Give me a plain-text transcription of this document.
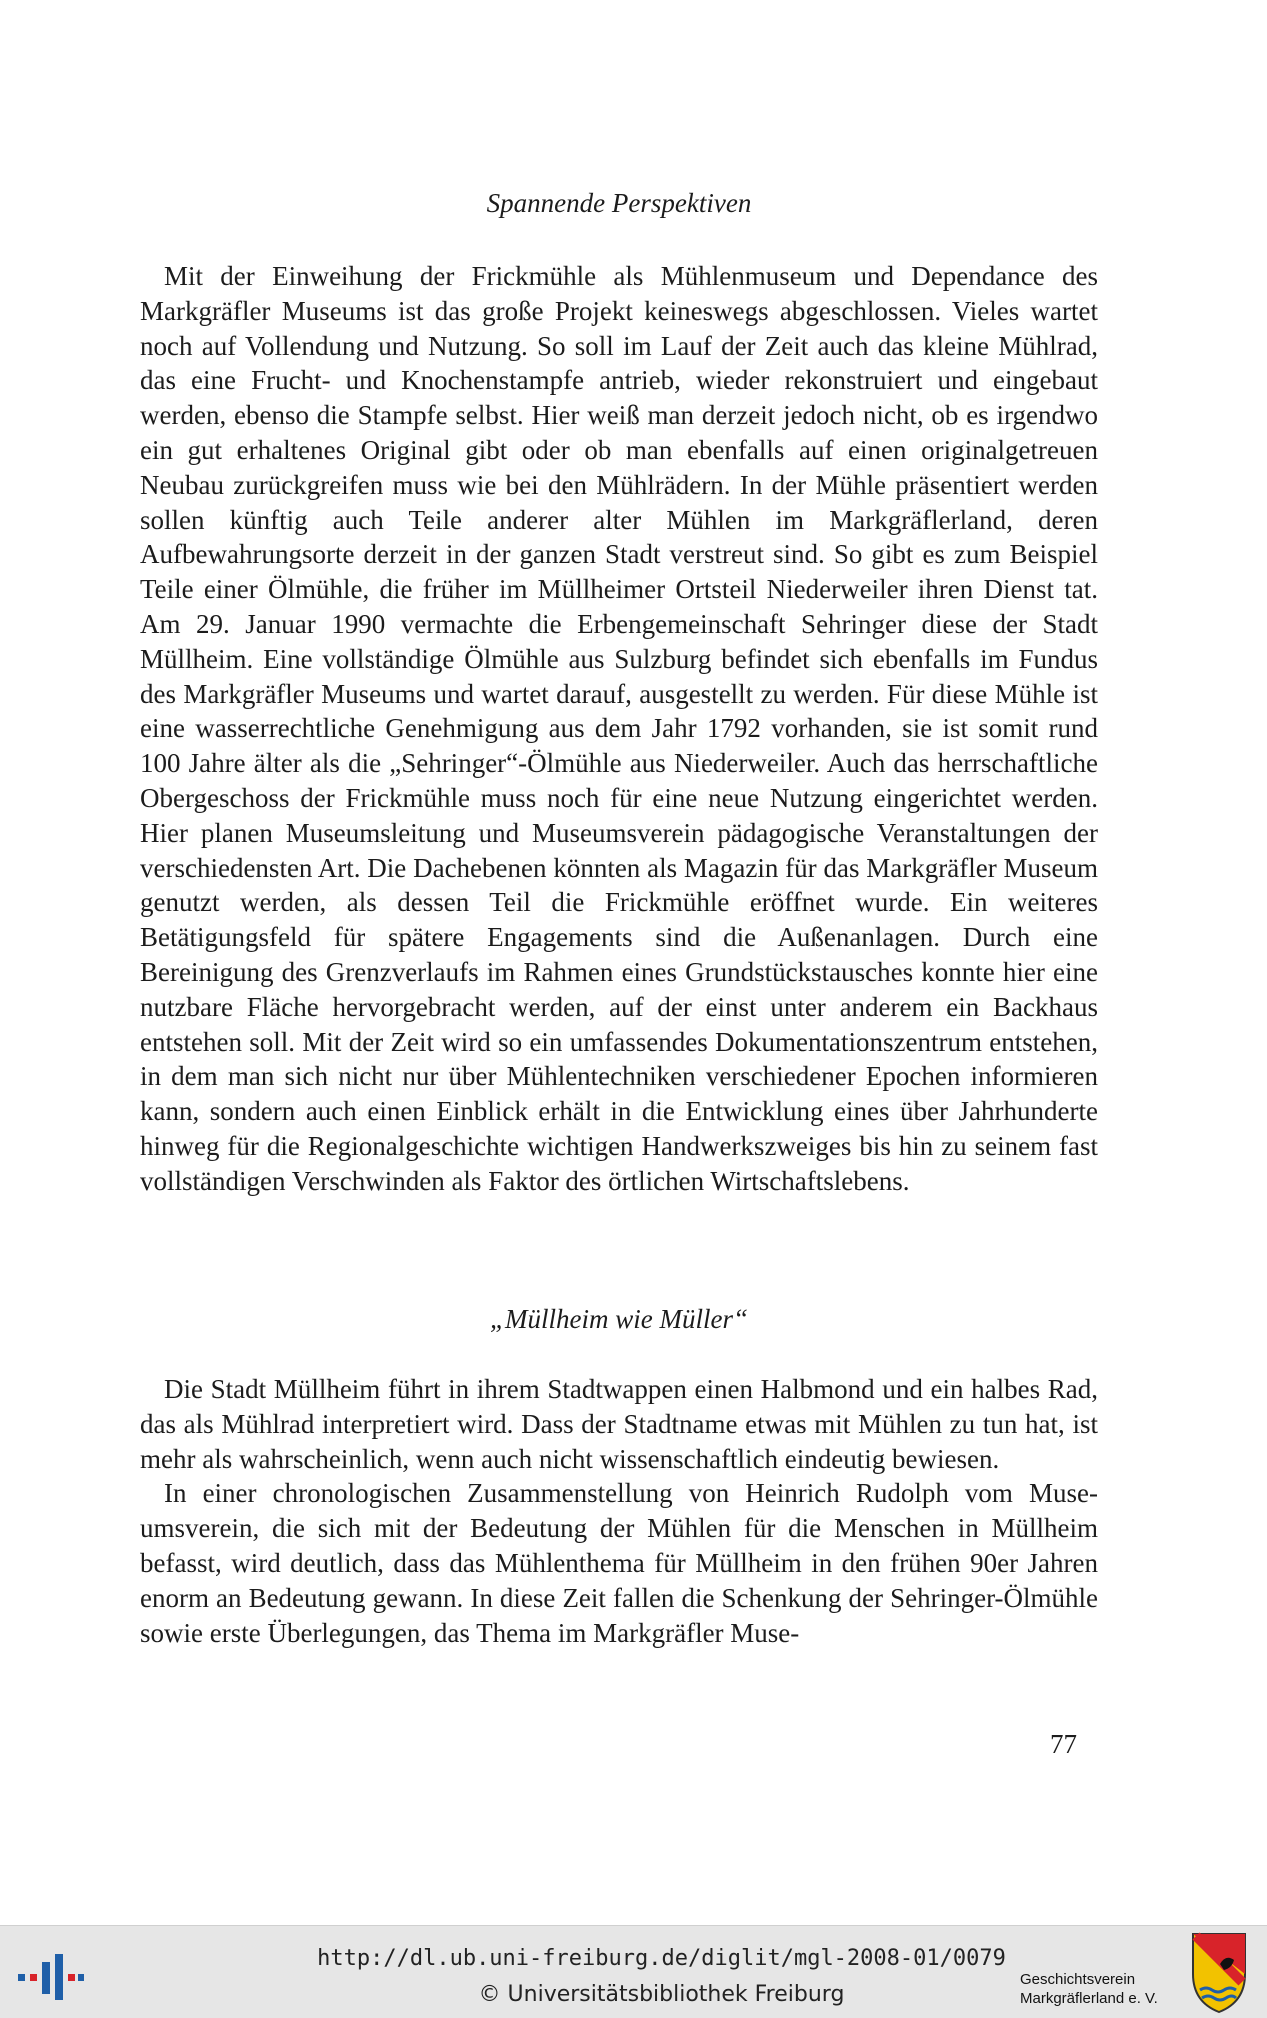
Spannende Perspektiven

Mit der Einweihung der Frickmühle als Mühlenmuseum und Dependance des Markgräfler Museums ist das große Projekt keineswegs abgeschlossen. Vieles wartet noch auf Vollendung und Nutzung. So soll im Lauf der Zeit auch das kleine Mühlrad, das eine Frucht- und Knochenstampfe antrieb, wieder rekonstruiert und eingebaut werden, ebenso die Stampfe selbst. Hier weiß man derzeit jedoch nicht, ob es irgendwo ein gut erhaltenes Original gibt oder ob man ebenfalls auf einen originalgetreuen Neubau zurückgreifen muss wie bei den Mühlrädern. In der Mühle präsentiert werden sollen künftig auch Teile anderer alter Mühlen im Markgräflerland, deren Aufbewahrungsorte derzeit in der ganzen Stadt verstreut sind. So gibt es zum Beispiel Teile einer Ölmühle, die früher im Müllheimer Ortsteil Niederweiler ihren Dienst tat. Am 29. Januar 1990 vermachte die Erbengemeinschaft Sehringer diese der Stadt Müllheim. Eine vollständige Ölmühle aus Sulzburg befindet sich ebenfalls im Fundus des Markgräfler Museums und wartet darauf, ausgestellt zu werden. Für diese Mühle ist eine wasserrechtliche Genehmigung aus dem Jahr 1792 vorhanden, sie ist somit rund 100 Jahre älter als die „Sehringer“-Ölmühle aus Niederweiler. Auch das herrschaftliche Obergeschoss der Frickmühle muss noch für eine neue Nutzung eingerichtet werden. Hier planen Museumsleitung und Museumsverein pädagogische Veranstaltungen der verschiedensten Art. Die Dachebenen könnten als Magazin für das Markgräfler Museum genutzt werden, als dessen Teil die Frickmühle eröffnet wurde. Ein weiteres Betätigungsfeld für spätere Engagements sind die Außenanlagen. Durch eine Bereinigung des Grenzverlaufs im Rahmen eines Grundstückstausches konnte hier eine nutzbare Fläche hervorgebracht werden, auf der einst unter anderem ein Backhaus entstehen soll. Mit der Zeit wird so ein umfassendes Dokumentationszentrum entstehen, in dem man sich nicht nur über Mühlentechniken verschiedener Epochen informieren kann, sondern auch einen Einblick erhält in die Entwicklung eines über Jahrhunderte hinweg für die Regionalgeschichte wichtigen Handwerkszweiges bis hin zu seinem fast vollständigen Verschwinden als Faktor des örtlichen Wirtschaftslebens.

„Müllheim wie Müller“

Die Stadt Müllheim führt in ihrem Stadtwappen einen Halbmond und ein halbes Rad, das als Mühlrad interpretiert wird. Dass der Stadtname etwas mit Mühlen zu tun hat, ist mehr als wahrscheinlich, wenn auch nicht wissenschaftlich eindeutig bewiesen.

In einer chronologischen Zusammenstellung von Heinrich Rudolph vom Museumsverein, die sich mit der Bedeutung der Mühlen für die Menschen in Müllheim befasst, wird deutlich, dass das Mühlenthema für Müllheim in den frühen 90er Jahren enorm an Bedeutung gewann. In diese Zeit fallen die Schenkung der Sehringer-Ölmühle sowie erste Überlegungen, das Thema im Markgräfler Muse-

77
http://dl.ub.uni-freiburg.de/diglit/mgl-2008-01/0079
© Universitätsbibliothek Freiburg
Geschichtsverein
Markgräflerland e. V.
